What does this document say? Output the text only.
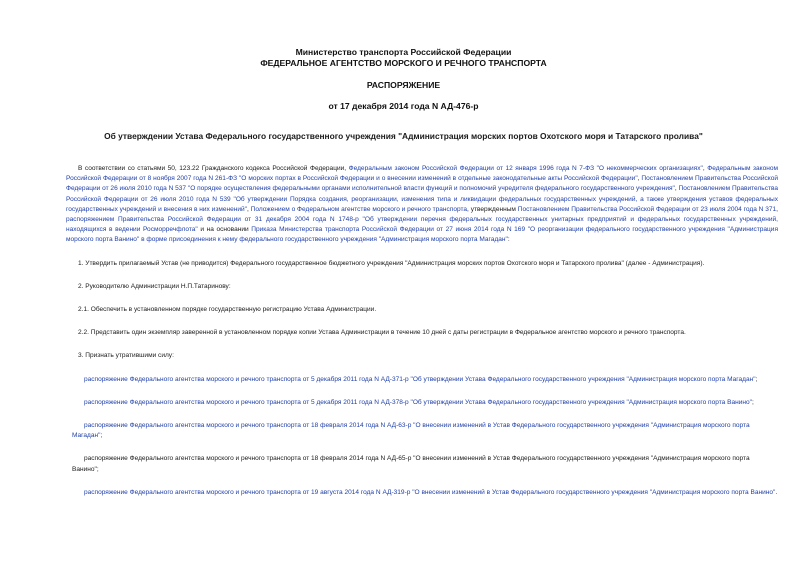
Министерство транспорта Российской Федерации
ФЕДЕРАЛЬНОЕ АГЕНТСТВО МОРСКОГО И РЕЧНОГО ТРАНСПОРТА
РАСПОРЯЖЕНИЕ
от 17 декабря 2014 года N АД-476-р
Об утверждении Устава Федерального государственного учреждения "Администрация морских портов Охотского моря и Татарского пролива"

В соответствии со статьями 50, 123.22 Гражданского кодекса Российской Федерации, Федеральным законом Российской Федерации от 12 января 1996 года N 7-ФЗ "О некоммерческих организациях", Федеральным законом Российской Федерации от 8 ноября 2007 года N 261-ФЗ "О морских портах в Российской Федерации и о внесении изменений в отдельные законодательные акты Российской Федерации", Постановлением Правительства Российской Федерации от 26 июля 2010 года N 537 "О порядке осуществления федеральными органами исполнительной власти функций и полномочий учредителя федерального государственного учреждения", Постановлением Правительства Российской Федерации от 26 июля 2010 года N 539 "Об утверждении Порядка создания, реорганизации, изменения типа и ликвидации федеральных государственных учреждений, а также утверждения уставов федеральных государственных учреждений и внесения в них изменений", Положением о Федеральном агентстве морского и речного транспорта, утвержденным Постановлением Правительства Российской Федерации от 23 июля 2004 года N 371, распоряжением Правительства Российской Федерации от 31 декабря 2004 года N 1748-р "Об утверждении перечня федеральных государственных унитарных предприятий и федеральных государственных учреждений, находящихся в ведении Росморречфлота" и на основании Приказа Министерства транспорта Российской Федерации от 27 июня 2014 года N 169 "О реорганизации федерального государственного учреждения "Администрация морского порта Ванино" в форме присоединения к нему федерального государственного учреждения "Администрация морского порта Магадан":

1. Утвердить прилагаемый Устав (не приводится) Федерального государственное бюджетного учреждения "Администрация морских портов Охотского моря и Татарского пролива" (далее - Администрация).

2. Руководителю Администрации Н.П.Татаринову:

2.1. Обеспечить в установленном порядке государственную регистрацию Устава Администрации.

2.2. Представить один экземпляр заверенной в установленном порядке копии Устава Администрации в течение 10 дней с даты регистрации в Федеральное агентство морского и речного транспорта.

3. Признать утратившими силу:

распоряжение Федерального агентства морского и речного транспорта от 5 декабря 2011 года N АД-371-р "Об утверждении Устава Федерального государственного учреждения "Администрация морского порта Магадан";

распоряжение Федерального агентства морского и речного транспорта от 5 декабря 2011 года N АД-378-р "Об утверждении Устава Федерального государственного учреждения "Администрация морского порта Ванино";

распоряжение Федерального агентства морского и речного транспорта от 18 февраля 2014 года N АД-63-р "О внесении изменений в Устав Федерального государственного учреждения "Администрация морского порта Магадан";

распоряжение Федерального агентства морского и речного транспорта от 18 февраля 2014 года N АД-65-р "О внесении изменений в Устав Федерального государственного учреждения "Администрация морского порта Ванино";

распоряжение Федерального агентства морского и речного транспорта от 19 августа 2014 года N АД-319-р "О внесении изменений в Устав Федерального государственного учреждения "Администрация морского порта Ванино".
